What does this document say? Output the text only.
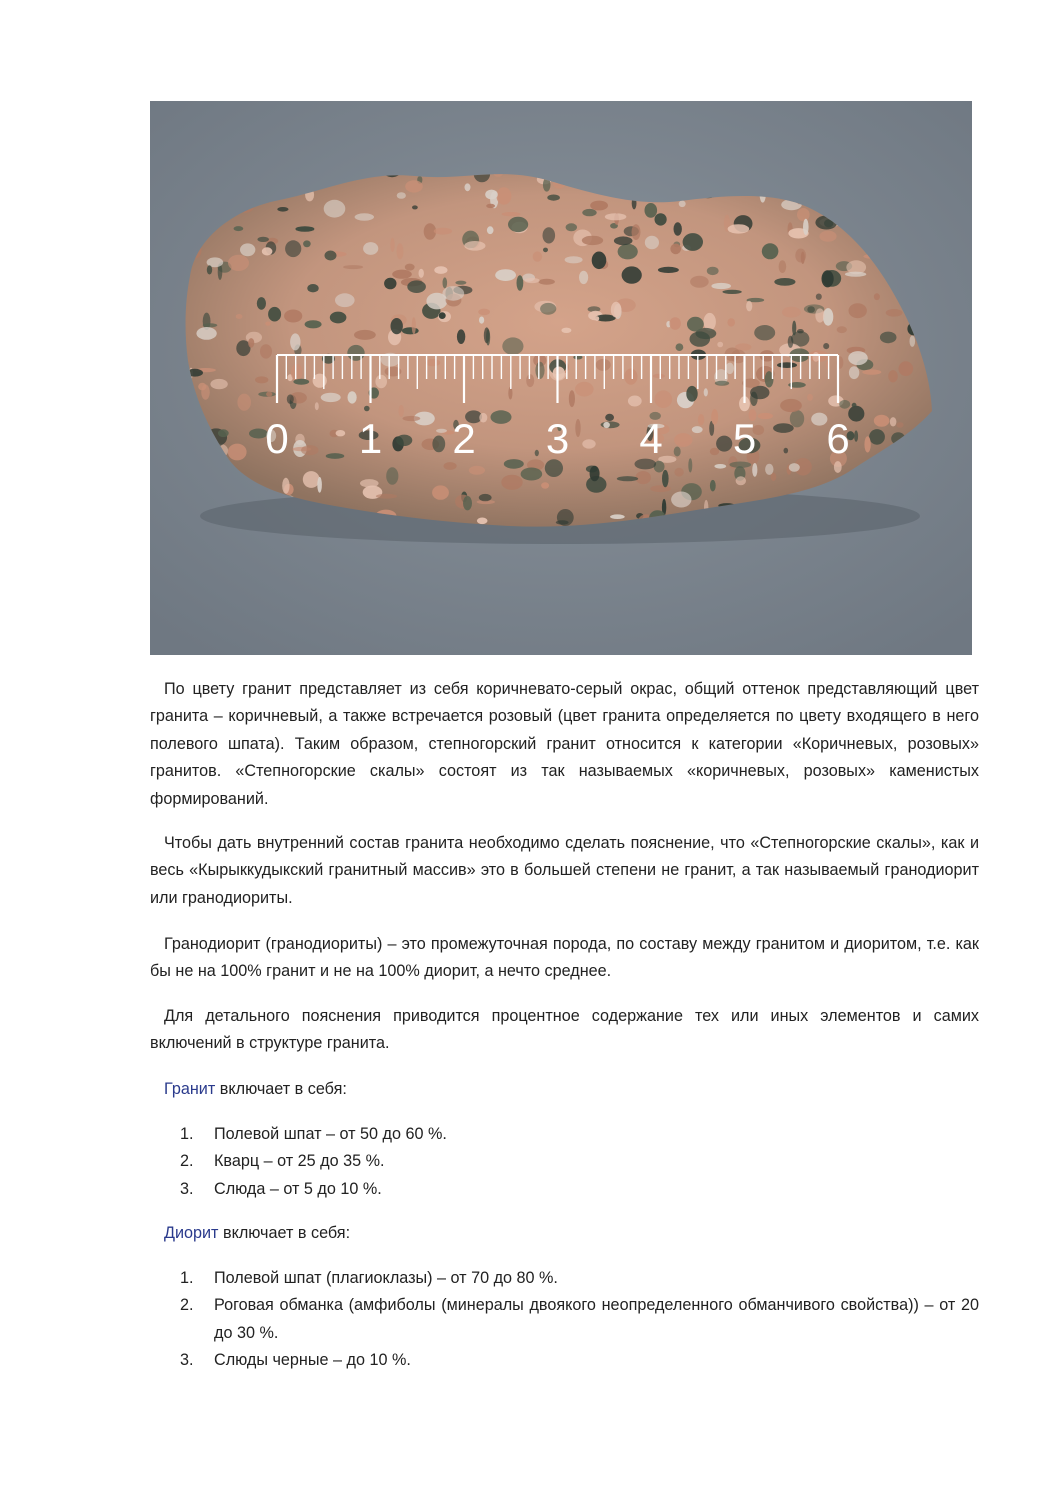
0 1 2 3 4 5 6

По цвету гранит представляет из себя коричневато-серый окрас, общий оттенок представляющий цвет гранита – коричневый, а также встречается розовый (цвет гранита определяется по цвету входящего в него полевого шпата). Таким образом, степногорский гранит относится к категории «Коричневых, розовых» гранитов. «Степногорские скалы» состоят из так называемых «коричневых, розовых» каменистых формирований.

Чтобы дать внутренний состав гранита необходимо сделать пояснение, что «Степногорские скалы», как и весь «Кырыккудыкский гранитный массив» это в большей степени не гранит, а так называемый гранодиорит или гранодиориты.

Гранодиорит (гранодиориты) – это промежуточная порода, по составу между гранитом и диоритом, т.е. как бы не на 100% гранит и не на 100% диорит, а нечто среднее.

Для детального пояснения приводится процентное содержание тех или иных элементов и самих включений в структуре гранита.

Гранит включает в себя:

1. Полевой шпат – от 50 до 60 %.
2. Кварц – от 25 до 35 %.
3. Слюда – от 5 до 10 %.

Диорит включает в себя:

1. Полевой шпат (плагиоклазы) – от 70 до 80 %.
2. Роговая обманка (амфиболы (минералы двоякого неопределенного обманчивого свойства)) – от 20 до 30 %.
3. Слюды черные – до 10 %.
